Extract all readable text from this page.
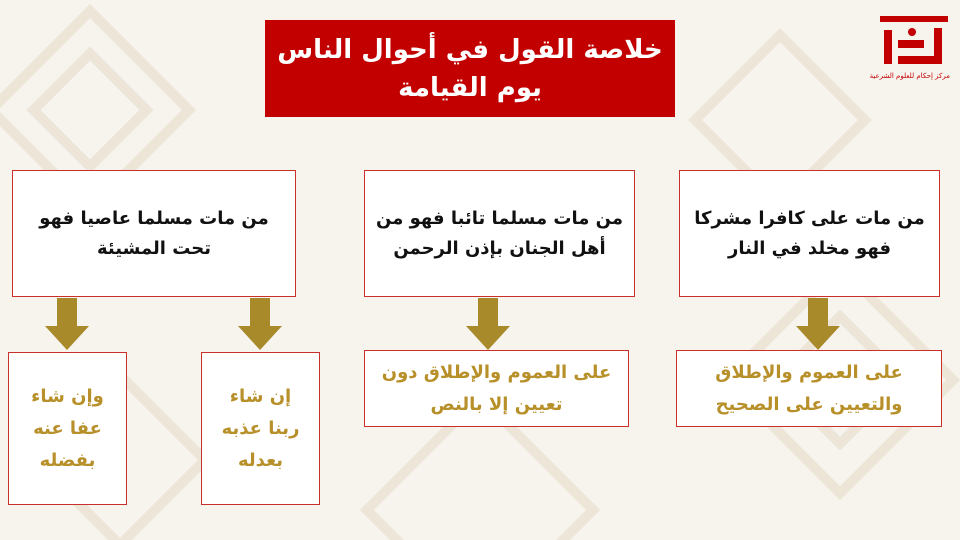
خلاصة القول في أحوال الناس
يوم القيامة	مركز إحكام للعلوم الشرعية
من مات على كافرا مشركا
فهو مخلد في النار
من مات مسلما تائبا فهو من
أهل الجنان بإذن الرحمن
من مات مسلما عاصيا فهو
تحت المشيئة
على العموم والإطلاق
والتعيين على الصحيح
على العموم والإطلاق دون
تعيين إلا بالنص
إن شاء
ربنا عذبه
بعدله
وإن شاء
عفا عنه
بفضله
